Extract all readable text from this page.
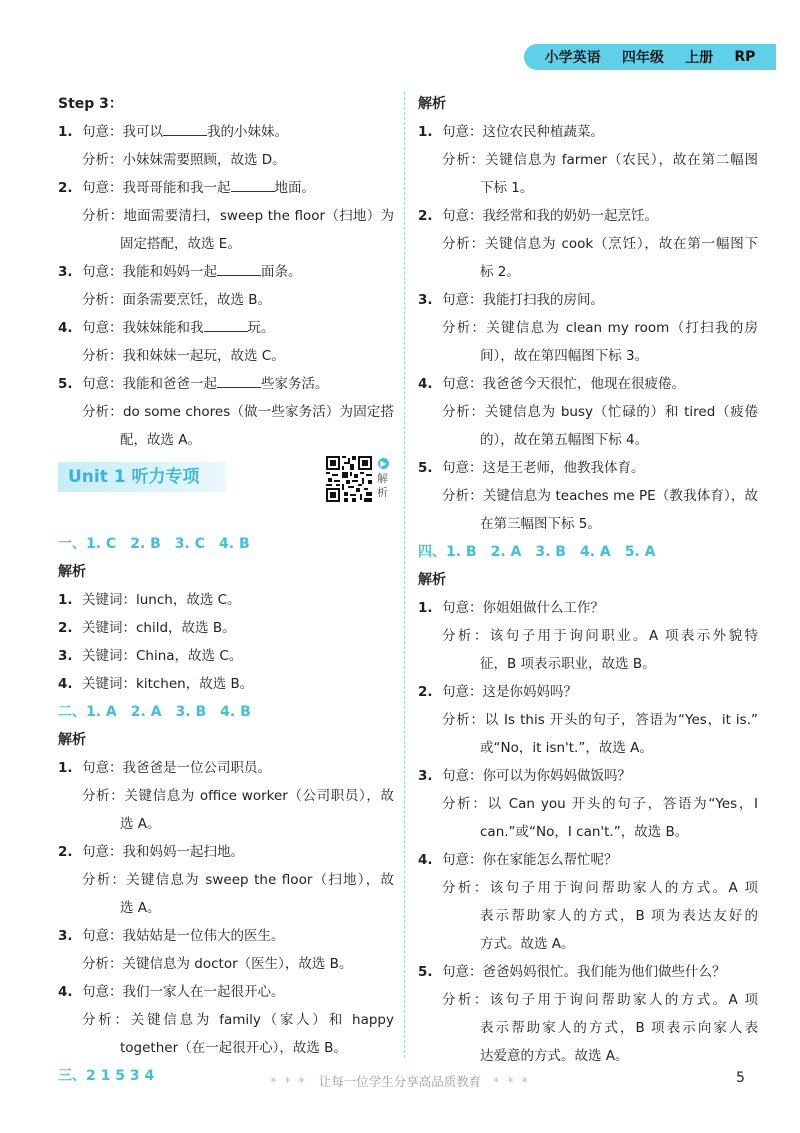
小学英语 四年级 上册 RP
Step 3：
1. 句意：我可以	我的小妹妹。
分析：小妹妹需要照顾，故选 D。
2. 句意：我哥哥能和我一起	地面。
分析：地面需要清扫，sweep the floor（扫地）为
固定搭配，故选 E。
3. 句意：我能和妈妈一起	面条。
分析：面条需要烹饪，故选 B。
4. 句意：我妹妹能和我	玩。
分析：我和妹妹一起玩，故选 C。
5. 句意：我能和爸爸一起	些家务活。
分析：do some chores（做一些家务活）为固定搭
配，故选 A。
一、1. C　2. B　3. C　4. B
解析
1. 关键词：lunch，故选 C。
2. 关键词：child，故选 B。
3. 关键词：China，故选 C。
4. 关键词：kitchen，故选 B。
二、1. A　2. A　3. B　4. B
解析
1. 句意：我爸爸是一位公司职员。
分析：关键信息为 office worker（公司职员），故
选 A。
2. 句意：我和妈妈一起扫地。
分析：关键信息为 sweep the floor（扫地），故
选 A。
3. 句意：我姑姑是一位伟大的医生。
分析：关键信息为 doctor（医生），故选 B。
4. 句意：我们一家人在一起很开心。
分析：关键信息为 family（家人）和 happy
together（在一起很开心），故选 B。
三、2 1 5 3 4
Unit 1 听力专项
▶
解析
解析
1. 句意：这位农民种植蔬菜。
分析：关键信息为 farmer（农民），故在第二幅图
下标 1。
2. 句意：我经常和我的奶奶一起烹饪。
分析：关键信息为 cook（烹饪），故在第一幅图下
标 2。
3. 句意：我能打扫我的房间。
分析：关键信息为 clean my room（打扫我的房
间），故在第四幅图下标 3。
4. 句意：我爸爸今天很忙，他现在很疲倦。
分析：关键信息为 busy（忙碌的）和 tired（疲倦
的），故在第五幅图下标 4。
5. 句意：这是王老师，他教我体育。
分析：关键信息为 teaches me PE（教我体育），故
在第三幅图下标 5。
四、1. B　2. A　3. B　4. A　5. A
解析
1. 句意：你姐姐做什么工作？
分析：该句子用于询问职业。A 项表示外貌特
征，B 项表示职业，故选 B。
2. 句意：这是你妈妈吗？
分析：以 Is this 开头的句子，答语为“Yes，it is.”
或“No，it isn't.”，故选 A。
3. 句意：你可以为你妈妈做饭吗？
分析：以 Can you 开头的句子，答语为“Yes，I
can.”或“No，I can't.”，故选 B。
4. 句意：你在家能怎么帮忙呢？
分析：该句子用于询问帮助家人的方式。A 项
表示帮助家人的方式，B 项为表达友好的
方式。故选 A。
5. 句意：爸爸妈妈很忙。我们能为他们做些什么？
分析：该句子用于询问帮助家人的方式。A 项
表示帮助家人的方式，B 项表示向家人表
达爱意的方式。故选 A。
* * * 让每一位学生分享高品质教育 * * *	5
